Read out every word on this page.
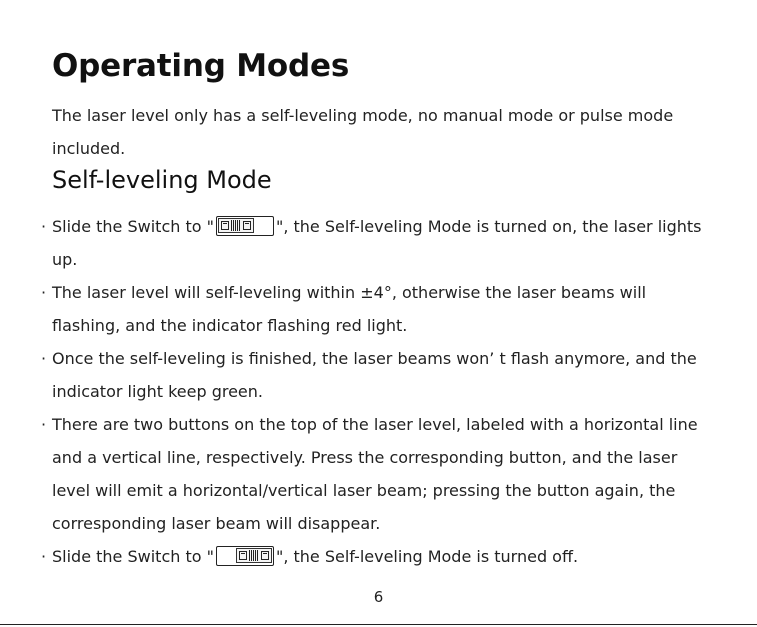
Operating Modes

The laser level only has a self-leveling mode, no manual mode or pulse mode included.

Self-leveling Mode
· Slide the Switch to "	", the Self-leveling Mode is turned on, the laser lights up.
· The laser level will self-leveling within ±4°, otherwise the laser beams will flashing, and the indicator flashing red light.
· Once the self-leveling is finished, the laser beams won’ t flash anymore, and the indicator light keep green.
· There are two buttons on the top of the laser level, labeled with a horizontal line and a vertical line, respectively. Press the corresponding button, and the laser level will emit a horizontal/vertical laser beam; pressing the button again, the corresponding laser beam will disappear.
· Slide the Switch to "	", the Self-leveling Mode is turned off.
6
